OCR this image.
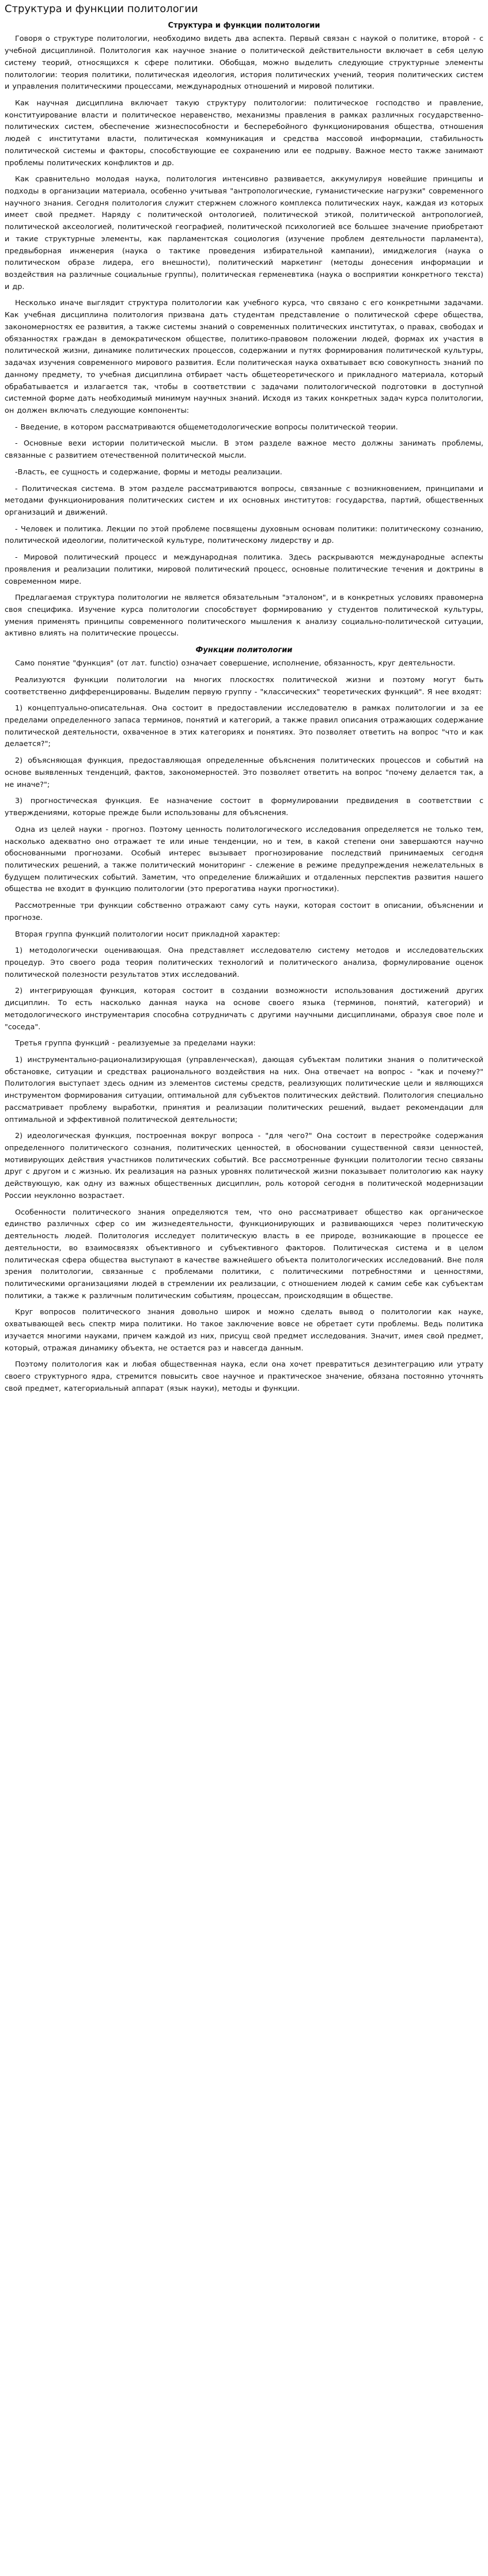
Структура и функции политологии
Структура и функции политологии

Говоря о структуре политологии, необходимо видеть два аспекта. Первый связан с наукой о политике, второй - с учебной дисциплиной. Политология как научное знание о политической действительности включает в себя целую систему теорий, относящихся к сфере политики. Обобщая, можно выделить следующие структурные элементы политологии: теория политики, политическая идеология, история политических учений, теория политических систем и управления политическими процессами, международных отношений и мировой политики.

Как научная дисциплина включает такую структуру политологии: политическое господство и правление, конституирование власти и политическое неравенство, механизмы правления в рамках различных государственно-политических систем, обеспечение жизнеспособности и бесперебойного функционирования общества, отношения людей с институтами власти, политическая коммуникация и средства массовой информации, стабильность политической системы и факторы, способствующие ее сохранению или ее подрыву. Важное место также занимают проблемы политических конфликтов и др.

Как сравнительно молодая наука, политология интенсивно развивается, аккумулируя новейшие принципы и подходы в организации материала, особенно учитывая "антропологические, гуманистические нагрузки" современного научного знания. Сегодня политология служит стержнем сложного комплекса политических наук, каждая из которых имеет свой предмет. Наряду с политической онтологией, политической этикой, политической антропологией, политической аксеологией, политической географией, политической психологией все большее значение приобретают и такие структурные элементы, как парламентская социология (изучение проблем деятельности парламента), предвыборная инженерия (наука о тактике проведения избирательной кампании), имиджелогия (наука о политическом образе лидера, его внешности), политический маркетинг (методы донесения информации и воздействия на различные социальные группы), политическая герменевтика (наука о восприятии конкретного текста) и др.

Несколько иначе выглядит структура политологии как учебного курса, что связано с его конкретными задачами. Как учебная дисциплина политология призвана дать студентам представление о политической сфере общества, закономерностях ее развития, а также системы знаний о современных политических институтах, о правах, свободах и обязанностях граждан в демократическом обществе, политико-правовом положении людей, формах их участия в политической жизни, динамике политических процессов, содержании и путях формирования политической культуры, задачах изучения современного мирового развития. Если политическая наука охватывает всю совокупность знаний по данному предмету, то учебная дисциплина отбирает часть общетеоретического и прикладного материала, который обрабатывается и излагается так, чтобы в соответствии с задачами политологической подготовки в доступной системной форме дать необходимый минимум научных знаний. Исходя из таких конкретных задач курса политологии, он должен включать следующие компоненты:

- Введение, в котором рассматриваются общеметодологические вопросы политической теории.

- Основные вехи истории политической мысли. В этом разделе важное место должны занимать проблемы, связанные с развитием отечественной политической мысли.

-Власть, ее сущность и содержание, формы и методы реализации.

- Политическая система. В этом разделе рассматриваются вопросы, связанные с возникновением, принципами и методами функционирования политических систем и их основных институтов: государства, партий, общественных организаций и движений.

- Человек и политика. Лекции по этой проблеме посвящены духовным основам политики: политическому сознанию, политической идеологии, политической культуре, политическому лидерству и др.

- Мировой политический процесс и международная политика. Здесь раскрываются международные аспекты проявления и реализации политики, мировой политический процесс, основные политические течения и доктрины в современном мире.

Предлагаемая структура политологии не является обязательным "эталоном", и в конкретных условиях правомерна своя специфика. Изучение курса политологии способствует формированию у студентов политической культуры, умения применять принципы современного политического мышления к анализу социально-политической ситуации, активно влиять на политические процессы.

Функции политологии

Само понятие "функция" (от лат. functio) означает совершение, исполнение, обязанность, круг деятельности.

Реализуются функции политологии на многих плоскостях политической жизни и поэтому могут быть соответственно дифференцированы. Выделим первую группу - "классических" теоретических функций". Я нее входят:

1) концептуально-описательная. Она состоит в предоставлении исследователю в рамках политологии и за ее пределами определенного запаса терминов, понятий и категорий, а также правил описания отражающих содержание политической деятельности, охваченное в этих категориях и понятиях. Это позволяет ответить на вопрос "что и как делается?";

2) объясняющая функция, предоставляющая определенные объяснения политических процессов и событий на основе выявленных тенденций, фактов, закономерностей. Это позволяет ответить на вопрос "почему делается так, а не иначе?";

3) прогностическая функция. Ее назначение состоит в формулировании предвидения в соответствии с утверждениями, которые прежде были использованы для объяснения.

Одна из целей науки - прогноз. Поэтому ценность политологического исследования определяется не только тем, насколько адекватно оно отражает те или иные тенденции, но и тем, в какой степени они завершаются научно обоснованными прогнозами. Особый интерес вызывает прогнозирование последствий принимаемых сегодня политических решений, а также политический мониторинг - слежение в режиме предупреждения нежелательных в будущем политических событий. Заметим, что определение ближайших и отдаленных перспектив развития нашего общества не входит в функцию политологии (это прерогатива науки прогностики).

Рассмотренные три функции собственно отражают саму суть науки, которая состоит в описании, объяснении и прогнозе.

Вторая группа функций политологии носит прикладной характер:

1) методологически оценивающая. Она представляет исследователю систему методов и исследовательских процедур. Это своего рода теория политических технологий и политического анализа, формулирование оценок политической полезности результатов этих исследований.

2) интегрирующая функция, которая состоит в создании возможности использования достижений других дисциплин. То есть насколько данная наука на основе своего языка (терминов, понятий, категорий) и методологического инструментария способна сотрудничать с другими научными дисциплинами, образуя свое поле и "соседа".

Третья группа функций - реализуемые за пределами науки:

1) инструментально-рационализирующая (управленческая), дающая субъектам политики знания о политической обстановке, ситуации и средствах рационального воздействия на них. Она отвечает на вопрос - "как и почему?" Политология выступает здесь одним из элементов системы средств, реализующих политические цели и являющихся инструментом формирования ситуации, оптимальной для субъектов политических действий. Политология специально рассматривает проблему выработки, принятия и реализации политических решений, выдает рекомендации для оптимальной и эффективной политической деятельности;

2) идеологическая функция, построенная вокруг вопроса - "для чего?" Она состоит в перестройке содержания определенного политического сознания, политических ценностей, в обосновании существенной связи ценностей, мотивирующих действия участников политических событий. Все рассмотренные функции политологии тесно связаны друг с другом и с жизнью. Их реализация на разных уровнях политической жизни показывает политологию как науку действующую, как одну из важных общественных дисциплин, роль которой сегодня в политической модернизации России неуклонно возрастает.

Особенности политического знания определяются тем, что оно рассматривает общество как органическое единство различных сфер со им жизнедеятельности, функционирующих и развивающихся через политическую деятельность людей. Политология исследует политическую власть в ее природе, возникающие в процессе ее деятельности, во взаимосвязях объективного и субъективного факторов. Политическая система и в целом политическая сфера общества выступают в качестве важнейшего объекта политологических исследований. Вне поля зрения политологии, связанные с проблемами политики, с политическими потребностями и ценностями, политическими организациями людей в стремлении их реализации, с отношением людей к самим себе как субъектам политики, а также к различным политическим событиям, процессам, происходящим в обществе.

Круг вопросов политического знания довольно широк и можно сделать вывод о политологии как науке, охватывающей весь спектр мира политики. Но такое заключение вовсе не обретает сути проблемы. Ведь политика изучается многими науками, причем каждой из них, присущ свой предмет исследования. Значит, имея свой предмет, который, отражая динамику объекта, не остается раз и навсегда данным.

Поэтому политология как и любая общественная наука, если она хочет превратиться дезинтеграцию или утрату своего структурного ядра, стремится повысить свое научное и практическое значение, обязана постоянно уточнять свой предмет, категориальный аппарат (язык науки), методы и функции.
